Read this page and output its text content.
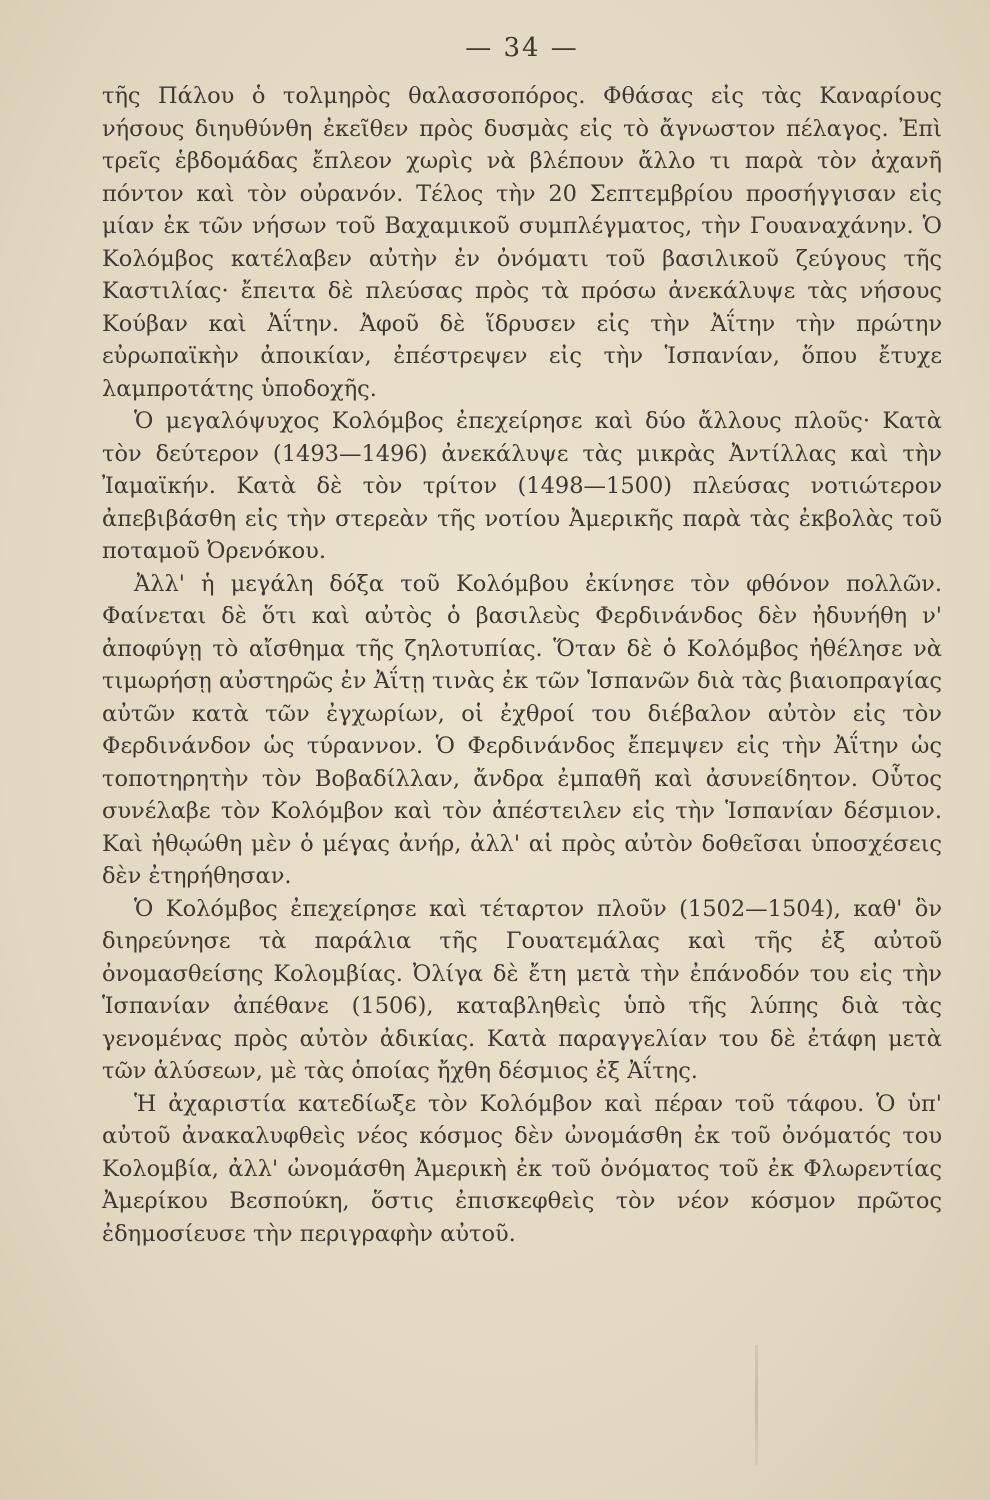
— 34 —

τῆς Πάλου ὁ τολμηρὸς θαλασσοπόρος. Φθάσας εἰς τὰς Καναρίους νήσους διηυθύνθη ἐκεῖθεν πρὸς δυσμὰς εἰς τὸ ἄγνωστον πέλαγος. Ἐπὶ τρεῖς ἑβδομάδας ἔπλεον χωρὶς νὰ βλέπουν ἄλλο τι παρὰ τὸν ἀχανῆ πόντον καὶ τὸν οὐρανόν. Τέλος τὴν 20 Σεπτεμβρίου προσήγγισαν εἰς μίαν ἐκ τῶν νήσων τοῦ Βαχαμικοῦ συμπλέγματος, τὴν Γουαναχάνην. Ὁ Κολόμβος κατέλαβεν αὐτὴν ἐν ὀνόματι τοῦ βασιλικοῦ ζεύγους τῆς Καστιλίας· ἔπειτα δὲ πλεύσας πρὸς τὰ πρόσω ἀνεκάλυψε τὰς νήσους Κούβαν καὶ Ἀΐτην. Ἀφοῦ δὲ ἵδρυσεν εἰς τὴν Ἀΐτην τὴν πρώτην εὐρωπαϊκὴν ἀποικίαν, ἐπέστρεψεν εἰς τὴν Ἱσπανίαν, ὅπου ἔτυχε λαμπροτάτης ὑποδοχῆς.

Ὁ μεγαλόψυχος Κολόμβος ἐπεχείρησε καὶ δύο ἄλλους πλοῦς· Κατὰ τὸν δεύτερον (1493—1496) ἀνεκάλυψε τὰς μικρὰς Ἀντίλλας καὶ τὴν Ἰαμαϊκήν. Κατὰ δὲ τὸν τρίτον (1498—1500) πλεύσας νοτιώτερον ἀπεβιβάσθη εἰς τὴν στερεὰν τῆς νοτίου Ἀμερικῆς παρὰ τὰς ἐκβολὰς τοῦ ποταμοῦ Ὀρενόκου.

Ἀλλ' ἡ μεγάλη δόξα τοῦ Κολόμβου ἐκίνησε τὸν φθόνον πολλῶν. Φαίνεται δὲ ὅτι καὶ αὐτὸς ὁ βασιλεὺς Φερδινάνδος δὲν ἠδυνήθη ν' ἀποφύγῃ τὸ αἴσθημα τῆς ζηλοτυπίας. Ὅταν δὲ ὁ Κολόμβος ἠθέλησε νὰ τιμωρήσῃ αὐστηρῶς ἐν Ἀΐτῃ τινὰς ἐκ τῶν Ἱσπανῶν διὰ τὰς βιαιοπραγίας αὐτῶν κατὰ τῶν ἐγχωρίων, οἱ ἐχθροί του διέβαλον αὐτὸν εἰς τὸν Φερδινάνδον ὡς τύραννον. Ὁ Φερδινάνδος ἔπεμψεν εἰς τὴν Ἀΐτην ὡς τοποτηρητὴν τὸν Βοβαδίλλαν, ἄνδρα ἐμπαθῆ καὶ ἀσυνείδητον. Οὗτος συνέλαβε τὸν Κολόμβον καὶ τὸν ἀπέστειλεν εἰς τὴν Ἱσπανίαν δέσμιον. Καὶ ἠθῳώθη μὲν ὁ μέγας ἀνήρ, ἀλλ' αἱ πρὸς αὐτὸν δοθεῖσαι ὑποσχέσεις δὲν ἐτηρήθησαν.

Ὁ Κολόμβος ἐπεχείρησε καὶ τέταρτον πλοῦν (1502—1504), καθ' ὃν διηρεύνησε τὰ παράλια τῆς Γουατεμάλας καὶ τῆς ἐξ αὐτοῦ ὀνομασθείσης Κολομβίας. Ὀλίγα δὲ ἔτη μετὰ τὴν ἐπάνοδόν του εἰς τὴν Ἱσπανίαν ἀπέθανε (1506), καταβληθεὶς ὑπὸ τῆς λύπης διὰ τὰς γενομένας πρὸς αὐτὸν ἀδικίας. Κατὰ παραγγελίαν του δὲ ἐτάφη μετὰ τῶν ἁλύσεων, μὲ τὰς ὁποίας ἤχθη δέσμιος ἐξ Ἀΐτης.

Ἡ ἀχαριστία κατεδίωξε τὸν Κολόμβον καὶ πέραν τοῦ τάφου. Ὁ ὑπ' αὐτοῦ ἀνακαλυφθεὶς νέος κόσμος δὲν ὠνομάσθη ἐκ τοῦ ὀνόματός του Κολομβία, ἀλλ' ὠνομάσθη Ἀμερικὴ ἐκ τοῦ ὀνόματος τοῦ ἐκ Φλωρεντίας Ἀμερίκου Βεσπούκη, ὅστις ἐπισκεφθεὶς τὸν νέον κόσμον πρῶτος ἐδημοσίευσε τὴν περιγραφὴν αὐτοῦ.
